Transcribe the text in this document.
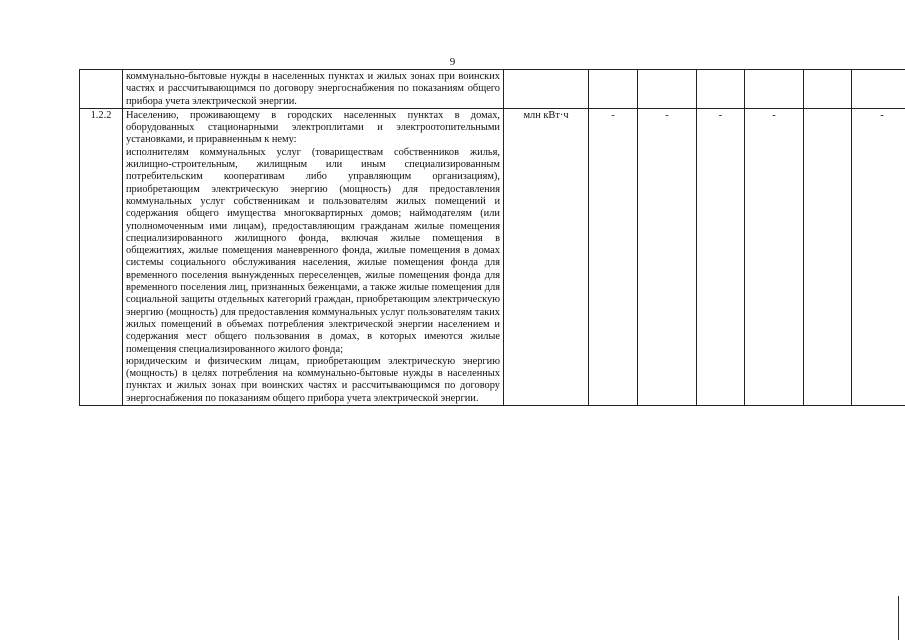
9

	коммунально-бытовые нужды в населенных пунктах и жилых зонах при воинских частях и рассчитывающимся по договору энергоснабжения по показаниям общего прибора учета электрической энергии.							

1.2.2	Населению, проживающему в городских населенных пунктах в домах, оборудованных стационарными электроплитами и электроотопительными установками, и приравненным к нему:

исполнителям коммунальных услуг (товариществам собственников жилья, жилищно-строительным, жилищным или иным специализированным потребительским кооперативам либо управляющим организациям), приобретающим электрическую энергию (мощность) для предоставления коммунальных услуг собственникам и пользователям жилых помещений и содержания общего имущества многоквартирных домов; наймодателям (или уполномоченным ими лицам), предоставляющим гражданам жилые помещения специализированного жилищного фонда, включая жилые помещения в общежитиях, жилые помещения маневренного фонда, жилые помещения в домах системы социального обслуживания населения, жилые помещения фонда для временного поселения вынужденных переселенцев, жилые помещения фонда для временного поселения лиц, признанных беженцами, а также жилые помещения для социальной защиты отдельных категорий граждан, приобретающим электрическую энергию (мощность) для предоставления коммунальных услуг пользователям таких жилых помещений в объемах потребления электрической энергии населением и содержания мест общего пользования в домах, в которых имеются жилые помещения специализированного жилого фонда;

юридическим и физическим лицам, приобретающим электрическую энергию (мощность) в целях потребления на коммунально-бытовые нужды в населенных пунктах и жилых зонах при воинских частях и рассчитывающимся по договору энергоснабжения по показаниям общего прибора учета электрической энергии.	млн кВт·ч	-	-	-	-		-
